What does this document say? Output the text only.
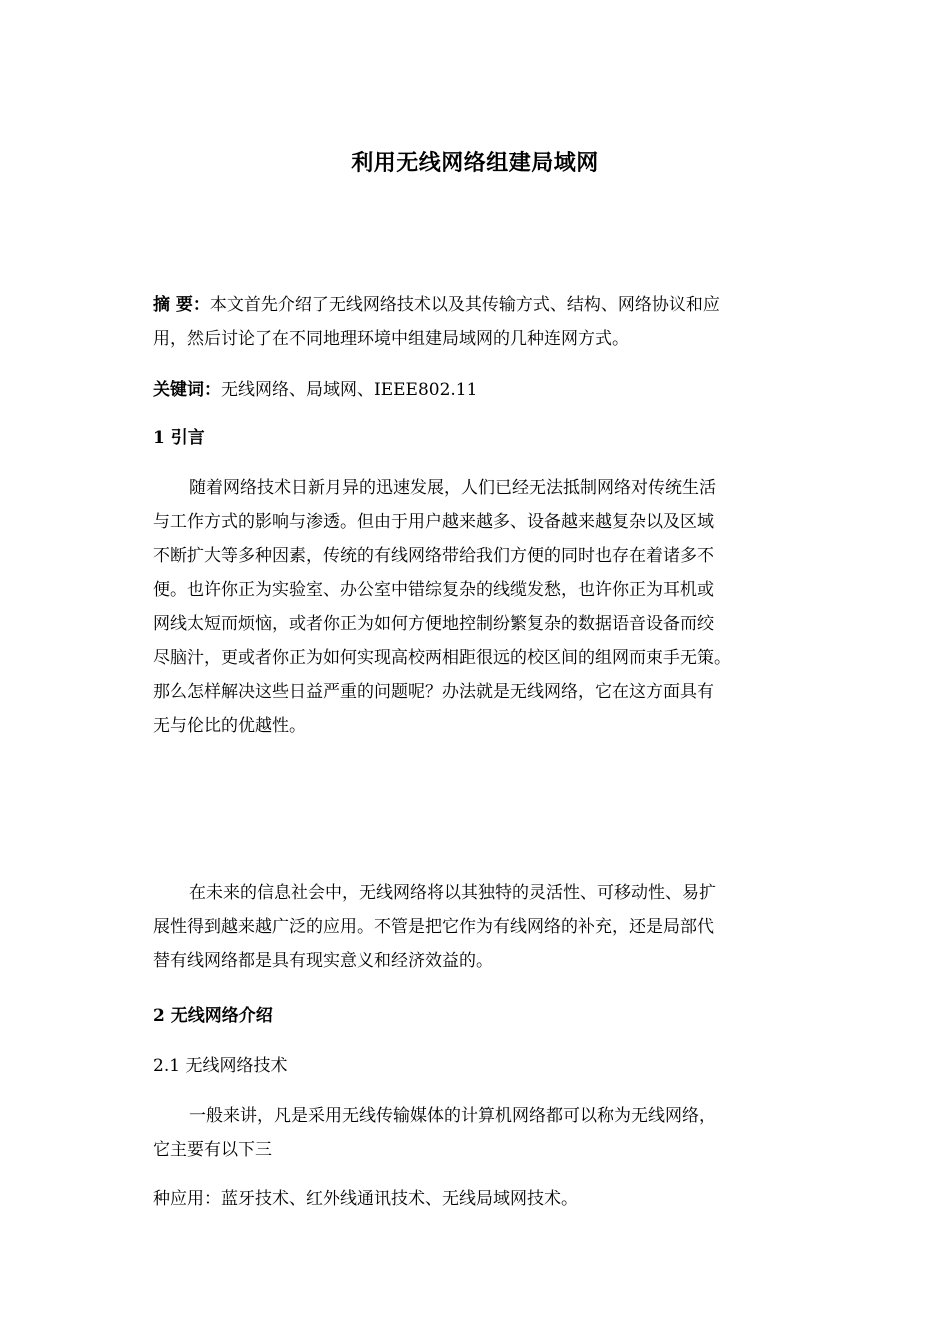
利用无线网络组建局域网

摘 要：本文首先介绍了无线网络技术以及其传输方式、结构、网络协议和应

用，然后讨论了在不同地理环境中组建局域网的几种连网方式。

关键词：无线网络、局域网、IEEE802.11

1 引言

随着网络技术日新月异的迅速发展，人们已经无法抵制网络对传统生活

与工作方式的影响与渗透。但由于用户越来越多、设备越来越复杂以及区域

不断扩大等多种因素，传统的有线网络带给我们方便的同时也存在着诸多不

便。也许你正为实验室、办公室中错综复杂的线缆发愁，也许你正为耳机或

网线太短而烦恼，或者你正为如何方便地控制纷繁复杂的数据语音设备而绞

尽脑汁，更或者你正为如何实现高校两相距很远的校区间的组网而束手无策。

那么怎样解决这些日益严重的问题呢？办法就是无线网络，它在这方面具有

无与伦比的优越性。

在未来的信息社会中，无线网络将以其独特的灵活性、可移动性、易扩

展性得到越来越广泛的应用。不管是把它作为有线网络的补充，还是局部代

替有线网络都是具有现实意义和经济效益的。

2 无线网络介绍

2.1 无线网络技术

一般来讲，凡是采用无线传输媒体的计算机网络都可以称为无线网络，

它主要有以下三

种应用：蓝牙技术、红外线通讯技术、无线局域网技术。
